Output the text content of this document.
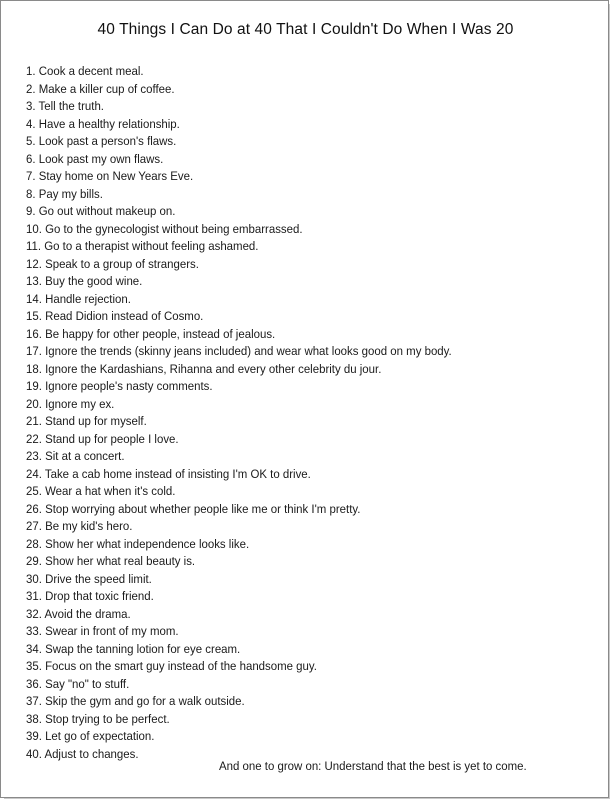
40 Things I Can Do at 40 That I Couldn't Do When I Was 20
1. Cook a decent meal.
2. Make a killer cup of coffee.
3. Tell the truth.
4. Have a healthy relationship.
5. Look past a person's flaws.
6. Look past my own flaws.
7. Stay home on New Years Eve.
8. Pay my bills.
9. Go out without makeup on.
10. Go to the gynecologist without being embarrassed.
11. Go to a therapist without feeling ashamed.
12. Speak to a group of strangers.
13. Buy the good wine.
14. Handle rejection.
15. Read Didion instead of Cosmo.
16. Be happy for other people, instead of jealous.
17. Ignore the trends (skinny jeans included) and wear what looks good on my body.
18. Ignore the Kardashians, Rihanna and every other celebrity du jour.
19. Ignore people's nasty comments.
20. Ignore my ex.
21. Stand up for myself.
22. Stand up for people I love.
23. Sit at a concert.
24. Take a cab home instead of insisting I'm OK to drive.
25. Wear a hat when it's cold.
26. Stop worrying about whether people like me or think I'm pretty.
27. Be my kid's hero.
28. Show her what independence looks like.
29. Show her what real beauty is.
30. Drive the speed limit.
31. Drop that toxic friend.
32. Avoid the drama.
33. Swear in front of my mom.
34. Swap the tanning lotion for eye cream.
35. Focus on the smart guy instead of the handsome guy.
36. Say "no" to stuff.
37. Skip the gym and go for a walk outside.
38. Stop trying to be perfect.
39. Let go of expectation.
40. Adjust to changes.
And one to grow on: Understand that the best is yet to come.
